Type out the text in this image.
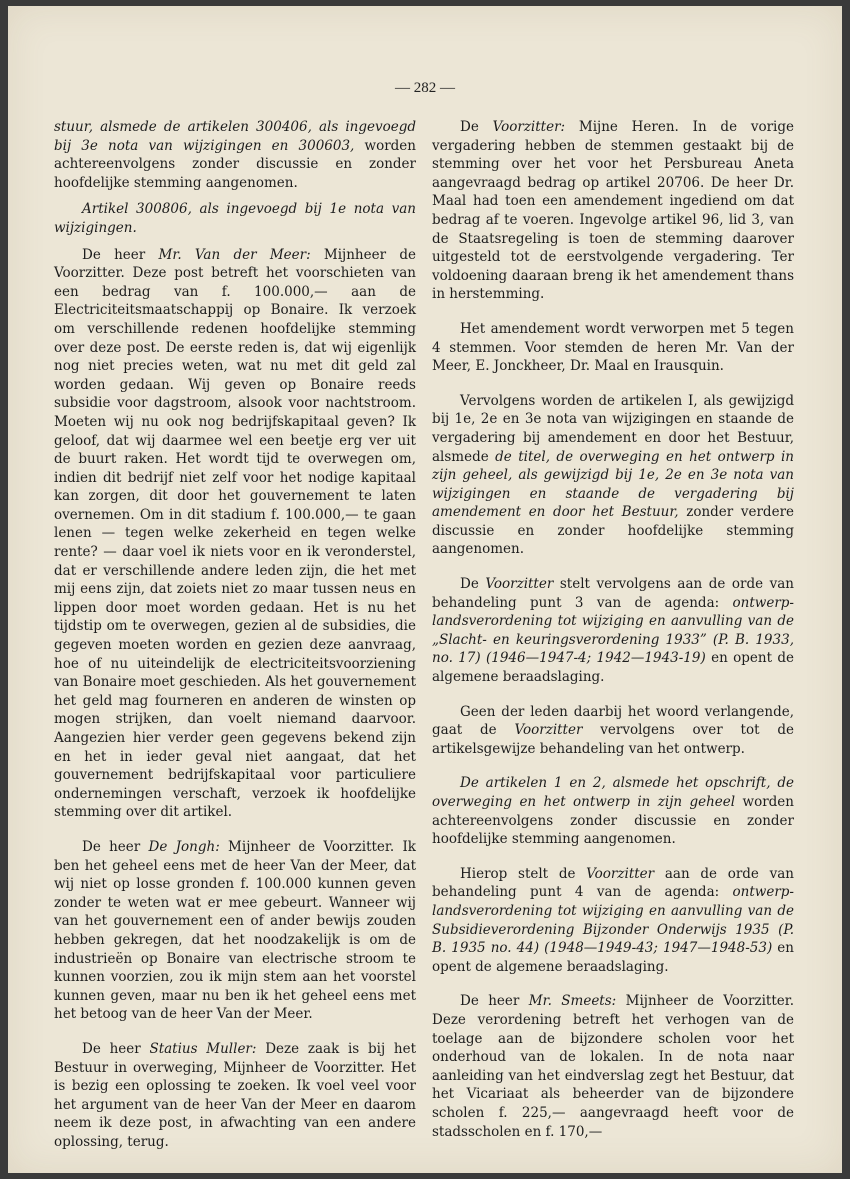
— 282 —

stuur, alsmede de artikelen 300406, als ingevoegd bij 3e nota van wijzigingen en 300603, worden achtereenvolgens zonder discussie en zonder hoofdelijke stemming aangenomen.

Artikel 300806, als ingevoegd bij 1e nota van wijzigingen.

De heer Mr. Van der Meer: Mijnheer de Voorzitter. Deze post betreft het voorschieten van een bedrag van f. 100.000,— aan de Electriciteitsmaatschappij op Bonaire. Ik verzoek om verschillende redenen hoofdelijke stemming over deze post. De eerste reden is, dat wij eigenlijk nog niet precies weten, wat nu met dit geld zal worden gedaan. Wij geven op Bonaire reeds subsidie voor dagstroom, alsook voor nachtstroom. Moeten wij nu ook nog bedrijfskapitaal geven? Ik geloof, dat wij daarmee wel een beetje erg ver uit de buurt raken. Het wordt tijd te overwegen om, indien dit bedrijf niet zelf voor het nodige kapitaal kan zorgen, dit door het gouvernement te laten overnemen. Om in dit stadium f. 100.000,— te gaan lenen — tegen welke zekerheid en tegen welke rente? — daar voel ik niets voor en ik veronderstel, dat er verschillende andere leden zijn, die het met mij eens zijn, dat zoiets niet zo maar tussen neus en lippen door moet worden gedaan. Het is nu het tijdstip om te overwegen, gezien al de subsidies, die gegeven moeten worden en gezien deze aanvraag, hoe of nu uiteindelijk de electriciteitsvoorziening van Bonaire moet geschieden. Als het gouvernement het geld mag fourneren en anderen de winsten op mogen strijken, dan voelt niemand daarvoor. Aangezien hier verder geen gegevens bekend zijn en het in ieder geval niet aangaat, dat het gouvernement bedrijfskapitaal voor particuliere ondernemingen verschaft, verzoek ik hoofdelijke stemming over dit artikel.

De heer De Jongh: Mijnheer de Voorzitter. Ik ben het geheel eens met de heer Van der Meer, dat wij niet op losse gronden f. 100.000 kunnen geven zonder te weten wat er mee gebeurt. Wanneer wij van het gouvernement een of ander bewijs zouden hebben gekregen, dat het noodzakelijk is om de industrieën op Bonaire van electrische stroom te kunnen voorzien, zou ik mijn stem aan het voorstel kunnen geven, maar nu ben ik het geheel eens met het betoog van de heer Van der Meer.

De heer Statius Muller: Deze zaak is bij het Bestuur in overweging, Mijnheer de Voorzitter. Het is bezig een oplossing te zoeken. Ik voel veel voor het argument van de heer Van der Meer en daarom neem ik deze post, in afwachting van een andere oplossing, terug.

De Voorzitter: Mijne Heren. In de vorige vergadering hebben de stemmen gestaakt bij de stemming over het voor het Persbureau Aneta aangevraagd bedrag op artikel 20706. De heer Dr. Maal had toen een amendement ingediend om dat bedrag af te voeren. Ingevolge artikel 96, lid 3, van de Staatsregeling is toen de stemming daarover uitgesteld tot de eerstvolgende vergadering. Ter voldoening daaraan breng ik het amendement thans in herstemming.

Het amendement wordt verworpen met 5 tegen 4 stemmen. Voor stemden de heren Mr. Van der Meer, E. Jonckheer, Dr. Maal en Irausquin.

Vervolgens worden de artikelen I, als gewijzigd bij 1e, 2e en 3e nota van wijzigingen en staande de vergadering bij amendement en door het Bestuur, alsmede de titel, de overweging en het ontwerp in zijn geheel, als gewijzigd bij 1e, 2e en 3e nota van wijzigingen en staande de vergadering bij amendement en door het Bestuur, zonder verdere discussie en zonder hoofdelijke stemming aangenomen.

De Voorzitter stelt vervolgens aan de orde van behandeling punt 3 van de agenda: ontwerp-landsverordening tot wijziging en aanvulling van de „Slacht- en keuringsverordening 1933” (P. B. 1933, no. 17) (1946—1947-4; 1942—1943-19) en opent de algemene beraadslaging.

Geen der leden daarbij het woord verlangende, gaat de Voorzitter vervolgens over tot de artikelsgewijze behandeling van het ontwerp.

De artikelen 1 en 2, alsmede het opschrift, de overweging en het ontwerp in zijn geheel worden achtereenvolgens zonder discussie en zonder hoofdelijke stemming aangenomen.

Hierop stelt de Voorzitter aan de orde van behandeling punt 4 van de agenda: ontwerp-landsverordening tot wijziging en aanvulling van de Subsidieverordening Bijzonder Onderwijs 1935 (P. B. 1935 no. 44) (1948—1949-43; 1947—1948-53) en opent de algemene beraadslaging.

De heer Mr. Smeets: Mijnheer de Voorzitter. Deze verordening betreft het verhogen van de toelage aan de bijzondere scholen voor het onderhoud van de lokalen. In de nota naar aanleiding van het eindverslag zegt het Bestuur, dat het Vicariaat als beheerder van de bijzondere scholen f. 225,— aangevraagd heeft voor de stadsscholen en f. 170,—
